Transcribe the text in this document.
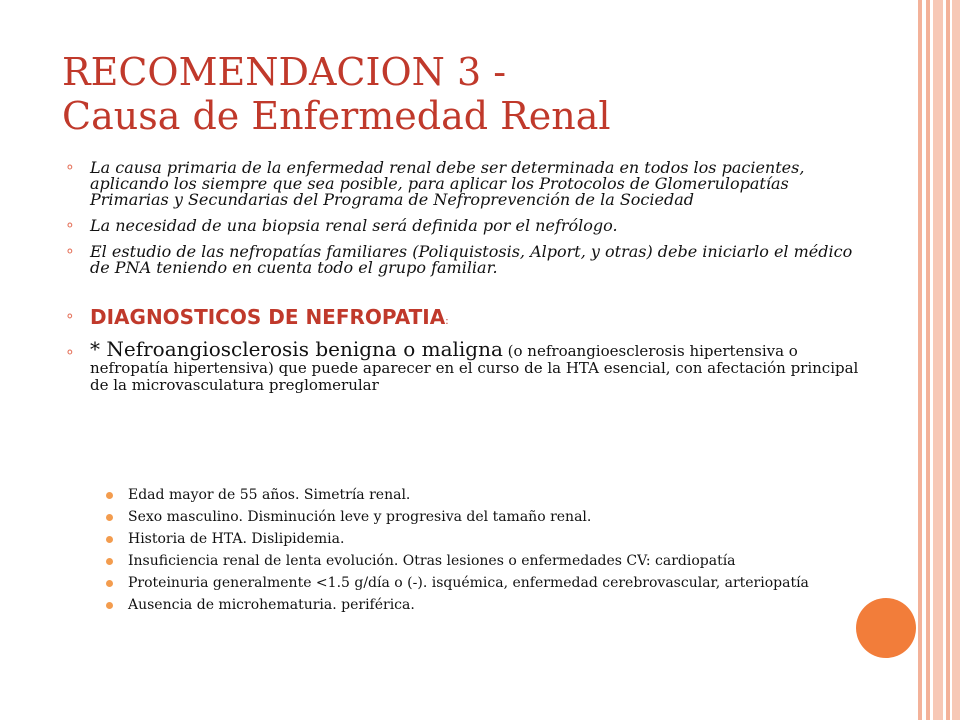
RECOMENDACION 3 -
Causa de Enfermedad Renal
⚬ La causa primaria de la enfermedad renal debe ser determinada en todos los pacientes, aplicando los siempre que sea posible, para aplicar los Protocolos de Glomerulopatías Primarias y Secundarias del Programa de Nefroprevención de la Sociedad
⚬ La necesidad de una biopsia renal será definida por el nefrólogo.
⚬ El estudio de las nefropatías familiares (Poliquistosis, Alport, y otras) debe iniciarlo el médico de PNA teniendo en cuenta todo el grupo familiar.
⚬ DIAGNOSTICOS DE NEFROPATIA:
⚬ * Nefroangiosclerosis benigna o maligna (o nefroangioesclerosis hipertensiva o nefropatía hipertensiva) que puede aparecer en el curso de la HTA esencial, con afectación principal de la microvasculatura preglomerular
Edad mayor de 55 años. Simetría renal.
Sexo masculino. Disminución leve y progresiva del tamaño renal.
Historia de HTA. Dislipidemia.
Insuficiencia renal de lenta evolución. Otras lesiones o enfermedades CV: cardiopatía
Proteinuria generalmente <1.5 g/día o (-). isquémica, enfermedad cerebrovascular, arteriopatía
Ausencia de microhematuria. periférica.
